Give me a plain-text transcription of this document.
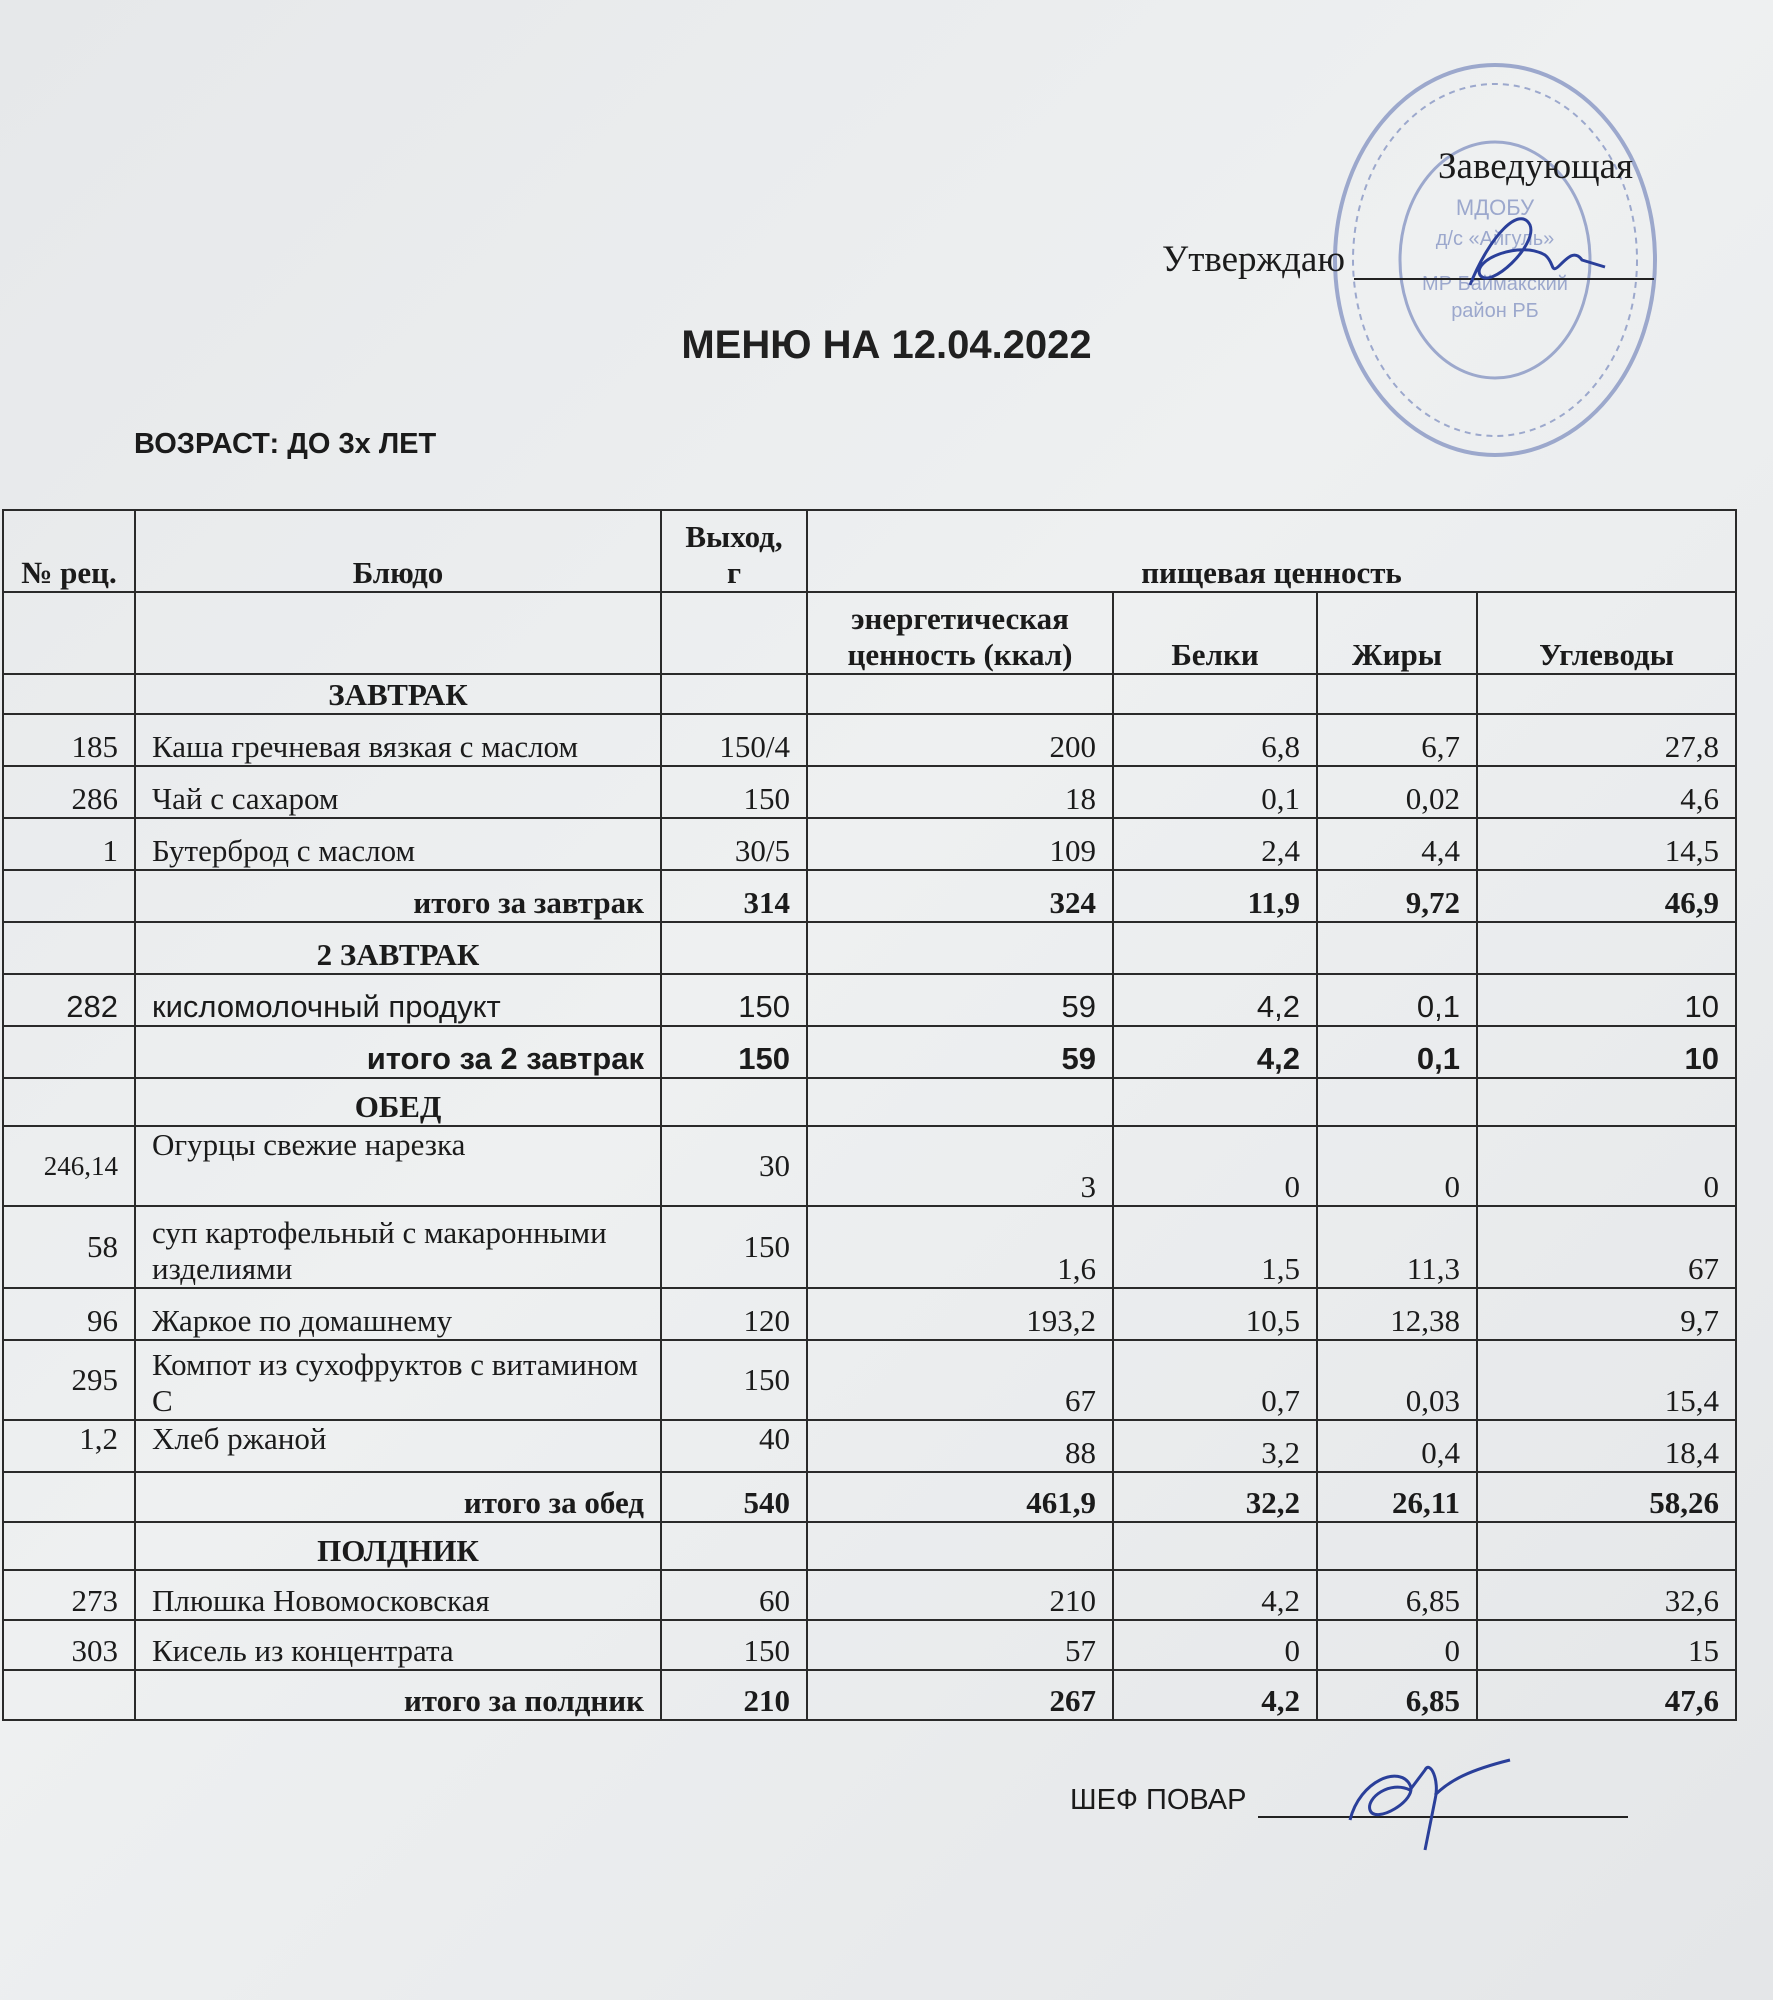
МДОБУ
д/с «Айгуль»
МР Баймакский
район РБ
Заведующая
Утверждаю
МЕНЮ НА 12.04.2022
ВОЗРАСТ: ДО 3х ЛЕТ
№ рец.	Блюдо	Выход, г	пищевая ценность			
			энергетическая ценность (ккал)	Белки	Жиры	Углеводы
	ЗАВТРАК					
185	Каша гречневая вязкая с маслом	150/4	200	6,8	6,7	27,8
286	Чай с сахаром	150	18	0,1	0,02	4,6
1	Бутерброд с маслом	30/5	109	2,4	4,4	14,5
	итого за завтрак	314	324	11,9	9,72	46,9
	2 ЗАВТРАК					
282	кисломолочный продукт	150	59	4,2	0,1	10
	итого за 2 завтрак	150	59	4,2	0,1	10
	ОБЕД					
246,14	Огурцы свежие нарезка	30	3	0	0	0
58	суп картофельный с макаронными изделиями	150	1,6	1,5	11,3	67
96	Жаркое по домашнему	120	193,2	10,5	12,38	9,7
295	Компот из сухофруктов с витамином С	150	67	0,7	0,03	15,4
1,2	Хлеб ржаной	40	88	3,2	0,4	18,4
	итого за обед	540	461,9	32,2	26,11	58,26
	ПОЛДНИК					
273	Плюшка Новомосковская	60	210	4,2	6,85	32,6
303	Кисель из концентрата	150	57	0	0	15
	итого за полдник	210	267	4,2	6,85	47,6
ШЕФ ПОВАР
